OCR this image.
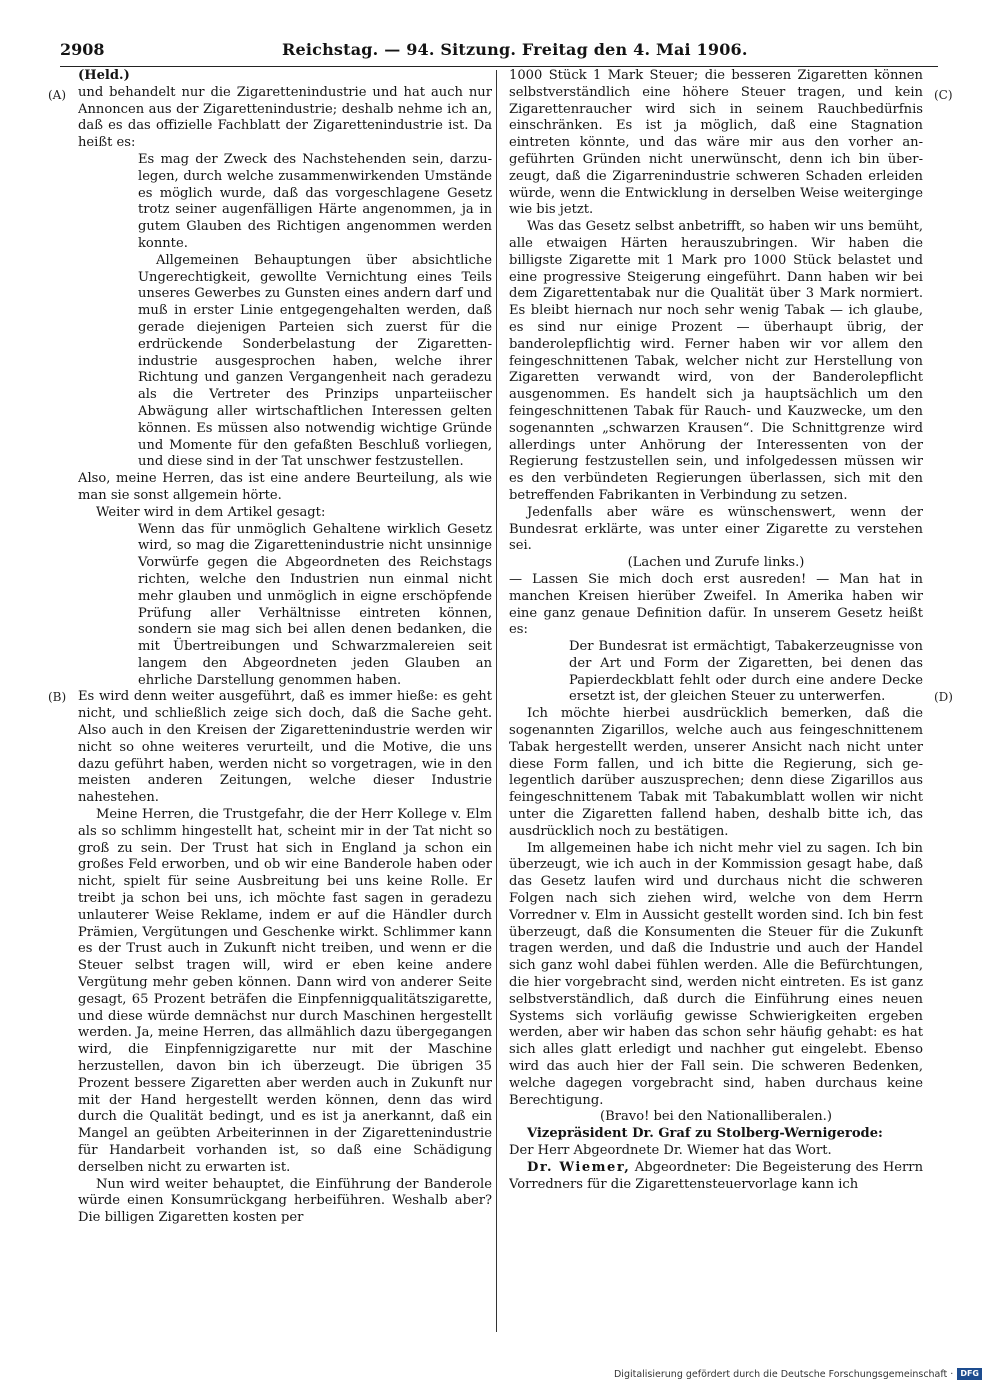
2908	Reichstag. — 94. Sitzung. Freitag den 4. Mai 1906.
(A)
(B)
(C)
(D)

(Held.)

und behandelt nur die Zigarettenindustrie und hat auch nur Annoncen aus der Zigarettenindustrie; deshalb nehme ich an, daß es das offizielle Fachblatt der Zigarettenindustrie ist. Da heißt es:

Es mag der Zweck des Nachstehenden sein, darzulegen, durch welche zusammenwirkenden Umstände es möglich wurde, daß das vorgeschlagene Gesetz trotz seiner augenfälligen Härte angenommen, ja in gutem Glauben des Richtigen angenommen werden konnte.

Allgemeinen Behauptungen über absichtliche Ungerechtigkeit, gewollte Vernichtung eines Teils unseres Gewerbes zu Gunsten eines andern darf und muß in erster Linie entgegengehalten werden, daß gerade diejenigen Parteien sich zuerst für die erdrückende Sonderbelastung der Zigarettenindustrie ausgesprochen haben, welche ihrer Richtung und ganzen Vergangenheit nach geradezu als die Vertreter des Prinzips unparteiischer Abwägung aller wirtschaftlichen Interessen gelten können. Es müssen also notwendig wichtige Gründe und Momente für den gefaßten Beschluß vorliegen, und diese sind in der Tat unschwer festzustellen.

Also, meine Herren, das ist eine andere Beurteilung, als wie man sie sonst allgemein hörte.

Weiter wird in dem Artikel gesagt:

Wenn das für unmöglich Gehaltene wirklich Gesetz wird, so mag die Zigarettenindustrie nicht unsinnige Vorwürfe gegen die Abgeordneten des Reichstags richten, welche den Industrien nun einmal nicht mehr glauben und unmöglich in eigne erschöpfende Prüfung aller Verhältnisse eintreten können, sondern sie mag sich bei allen denen bedanken, die mit Übertreibungen und Schwarzmalereien seit langem den Abgeordneten jeden Glauben an ehrliche Darstellung genommen haben.

Es wird denn weiter ausgeführt, daß es immer hieße: es geht nicht, und schließlich zeige sich doch, daß die Sache geht. Also auch in den Kreisen der Zigarettenindustrie werden wir nicht so ohne weiteres verurteilt, und die Motive, die uns dazu geführt haben, werden nicht so vorgetragen, wie in den meisten anderen Zeitungen, welche dieser Industrie nahestehen.

Meine Herren, die Trustgefahr, die der Herr Kollege v. Elm als so schlimm hingestellt hat, scheint mir in der Tat nicht so groß zu sein. Der Trust hat sich in England ja schon ein großes Feld erworben, und ob wir eine Banderole haben oder nicht, spielt für seine Ausbreitung bei uns keine Rolle. Er treibt ja schon bei uns, ich möchte fast sagen in geradezu unlauterer Weise Reklame, indem er auf die Händler durch Prämien, Vergütungen und Geschenke wirkt. Schlimmer kann es der Trust auch in Zukunft nicht treiben, und wenn er die Steuer selbst tragen will, wird er eben keine andere Vergütung mehr geben können. Dann wird von anderer Seite gesagt, 65 Prozent beträfen die Einpfennigqualitätszigarette, und diese würde demnächst nur durch Maschinen hergestellt werden. Ja, meine Herren, das allmählich dazu übergegangen wird, die Einpfennigzigarette nur mit der Maschine herzustellen, davon bin ich überzeugt. Die übrigen 35 Prozent bessere Zigaretten aber werden auch in Zukunft nur mit der Hand hergestellt werden können, denn das wird durch die Qualität bedingt, und es ist ja anerkannt, daß ein Mangel an geübten Arbeiterinnen in der Zigarettenindustrie für Handarbeit vorhanden ist, so daß eine Schädigung derselben nicht zu erwarten ist.

Nun wird weiter behauptet, die Einführung der Banderole würde einen Konsumrückgang herbeiführen. Weshalb aber? Die billigen Zigaretten kosten per

1000 Stück 1 Mark Steuer; die besseren Zigaretten können selbstverständlich eine höhere Steuer tragen, und kein Zigarettenraucher wird sich in seinem Rauchbedürfnis einschränken. Es ist ja möglich, daß eine Stagnation eintreten könnte, und das wäre mir aus den vorher angeführten Gründen nicht unerwünscht, denn ich bin überzeugt, daß die Zigarrenindustrie schweren Schaden erleiden würde, wenn die Entwicklung in derselben Weise weiterginge wie bis jetzt.

Was das Gesetz selbst anbetrifft, so haben wir uns bemüht, alle etwaigen Härten herauszubringen. Wir haben die billigste Zigarette mit 1 Mark pro 1000 Stück belastet und eine progressive Steigerung eingeführt. Dann haben wir bei dem Zigarettentabak nur die Qualität über 3 Mark normiert. Es bleibt hiernach nur noch sehr wenig Tabak — ich glaube, es sind nur einige Prozent — überhaupt übrig, der banderolepflichtig wird. Ferner haben wir vor allem den feingeschnittenen Tabak, welcher nicht zur Herstellung von Zigaretten verwandt wird, von der Banderolepflicht ausgenommen. Es handelt sich ja hauptsächlich um den feingeschnittenen Tabak für Rauch- und Kauzwecke, um den sogenannten „schwarzen Krausen“. Die Schnittgrenze wird allerdings unter Anhörung der Interessenten von der Regierung festzustellen sein, und infolgedessen müssen wir es den verbündeten Regierungen überlassen, sich mit den betreffenden Fabrikanten in Verbindung zu setzen.

Jedenfalls aber wäre es wünschenswert, wenn der Bundesrat erklärte, was unter einer Zigarette zu verstehen sei.

(Lachen und Zurufe links.)

— Lassen Sie mich doch erst ausreden! — Man hat in manchen Kreisen hierüber Zweifel. In Amerika haben wir eine ganz genaue Definition dafür. In unserem Gesetz heißt es:

Der Bundesrat ist ermächtigt, Tabakerzeugnisse von der Art und Form der Zigaretten, bei denen das Papierdeckblatt fehlt oder durch eine andere Decke ersetzt ist, der gleichen Steuer zu unterwerfen.

Ich möchte hierbei ausdrücklich bemerken, daß die sogenannten Zigarillos, welche auch aus feingeschnittenem Tabak hergestellt werden, unserer Ansicht nach nicht unter diese Form fallen, und ich bitte die Regierung, sich gelegentlich darüber auszusprechen; denn diese Zigarillos aus feingeschnittenem Tabak mit Tabakumblatt wollen wir nicht unter die Zigaretten fallend haben, deshalb bitte ich, das ausdrücklich noch zu bestätigen.

Im allgemeinen habe ich nicht mehr viel zu sagen. Ich bin überzeugt, wie ich auch in der Kommission gesagt habe, daß das Gesetz laufen wird und durchaus nicht die schweren Folgen nach sich ziehen wird, welche von dem Herrn Vorredner v. Elm in Aussicht gestellt worden sind. Ich bin fest überzeugt, daß die Konsumenten die Steuer für die Zukunft tragen werden, und daß die Industrie und auch der Handel sich ganz wohl dabei fühlen werden. Alle die Befürchtungen, die hier vorgebracht sind, werden nicht eintreten. Es ist ganz selbstverständlich, daß durch die Einführung eines neuen Systems sich vorläufig gewisse Schwierigkeiten ergeben werden, aber wir haben das schon sehr häufig gehabt: es hat sich alles glatt erledigt und nachher gut eingelebt. Ebenso wird das auch hier der Fall sein. Die schweren Bedenken, welche dagegen vorgebracht sind, haben durchaus keine Berechtigung.

(Bravo! bei den Nationalliberalen.)

Vizepräsident Dr. Graf zu Stolberg-Wernigerode:

Der Herr Abgeordnete Dr. Wiemer hat das Wort.

Dr. Wiemer, Abgeordneter: Die Begeisterung des Herrn Vorredners für die Zigarettensteuervorlage kann ich

Digitalisierung gefördert durch die Deutsche Forschungsgemeinschaft · DFG
